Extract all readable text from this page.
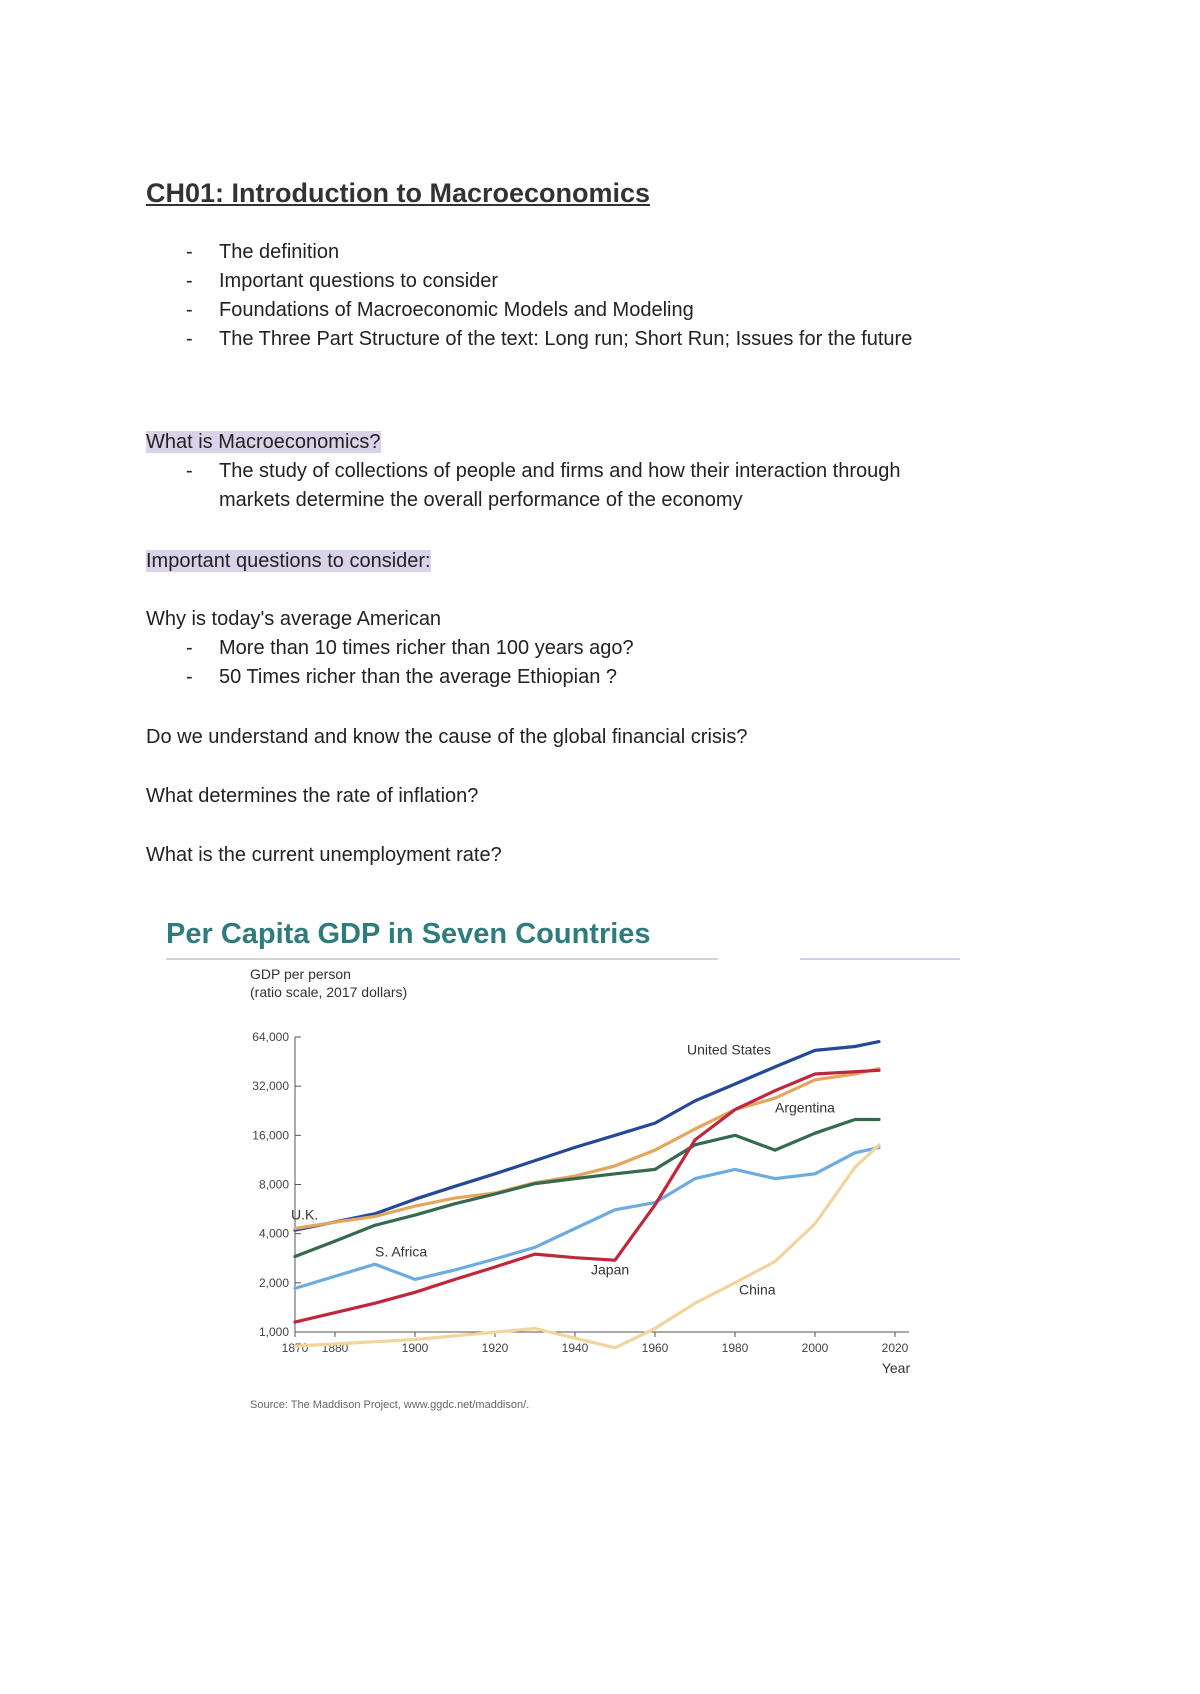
CH01: Introduction to Macroeconomics
- The definition
- Important questions to consider
- Foundations of Macroeconomic Models and Modeling
- The Three Part Structure of the text: Long run; Short Run; Issues for the future

What is Macroeconomics?

- The study of collections of people and firms and how their interaction through
markets determine the overall performance of the economy

Important questions to consider:

Why is today's average American

- More than 10 times richer than 100 years ago?
- 50 Times richer than the average Ethiopian ?

Do we understand and know the cause of the global financial crisis?

What determines the rate of inflation?

What is the current unemployment rate?

Per Capita GDP in Seven Countries
GDP per person
(ratio scale, 2017 dollars)
1,000
2,000
4,000
8,000
16,000
32,000
64,000
1870 1880	1900	1920	1940	1960	1980	2000	2020
United States
U.K.
Argentina
S. Africa
Japan
China
Year
Source: The Maddison Project, www.ggdc.net/maddison/.
